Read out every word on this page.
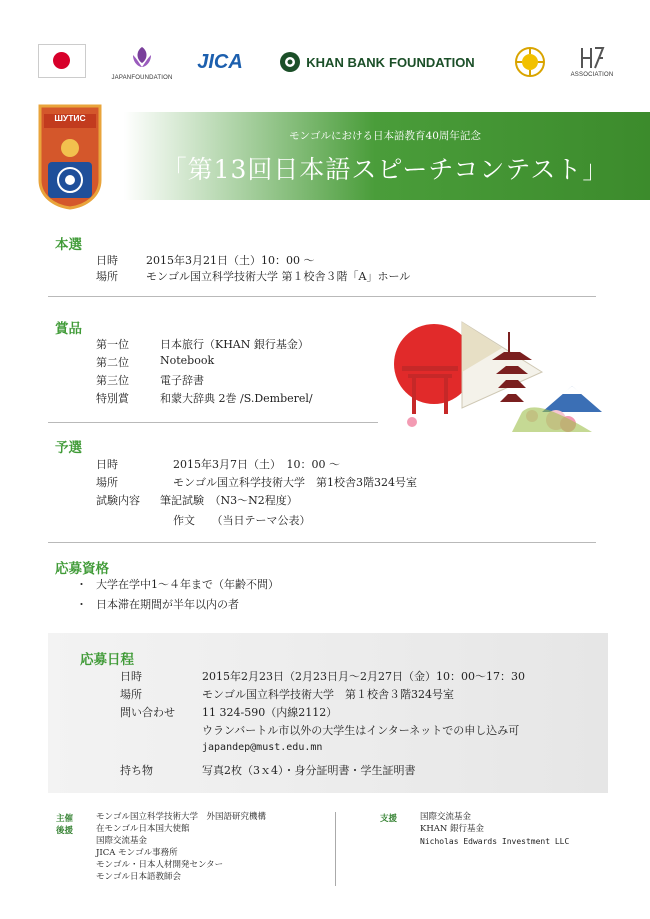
JAPANFOUNDATION
JICA	KHAN BANK FOUNDATION
ASSOCIATION
ШУТИС
モンゴルにおける日本語教育40周年記念
「第13回日本語スピーチコンテスト」
本選
日時	2015年3月21日（土）10：00 〜
場所	モンゴル国立科学技術大学 第１校舎３階「A」ホール
賞品
第一位	日本旅行（KHAN 銀行基金）
第二位	Notebook
第三位	電子辞書
特別賞	和蒙大辞典 2巻 /S.Demberel/
予選
日時	2015年3月7日（土）　10：00 〜
場所	モンゴル国立科学技術大学　第1校舎3階324号室
試験内容 筆記試験　（N3〜N2程度）
作文　　（当日テーマ公表）
応募資格
・ 大学在学中1〜４年まで（年齢不問）
・ 日本滞在期間が半年以内の者
応募日程
日時	2015年2月23日（2月23日月〜2月27日（金）10：00〜17：30
場所	モンゴル国立科学技術大学　第１校舎３階324号室
問い合わせ 11 324-590（内線2112）
ウランバートル市以外の大学生はインターネットでの申し込み可
japandep@must.edu.mn
持ち物	写真2枚（3ｘ4）・身分証明書・学生証明書
主催	モンゴル国立科学技術大学　外国語研究機構
後援	在モンゴル日本国大使館
国際交流基金
JICA モンゴル事務所
モンゴル・日本人材開発センター
モンゴル日本語教師会
支援	国際交流基金
KHAN 銀行基金
Nicholas Edwards Investment LLC
